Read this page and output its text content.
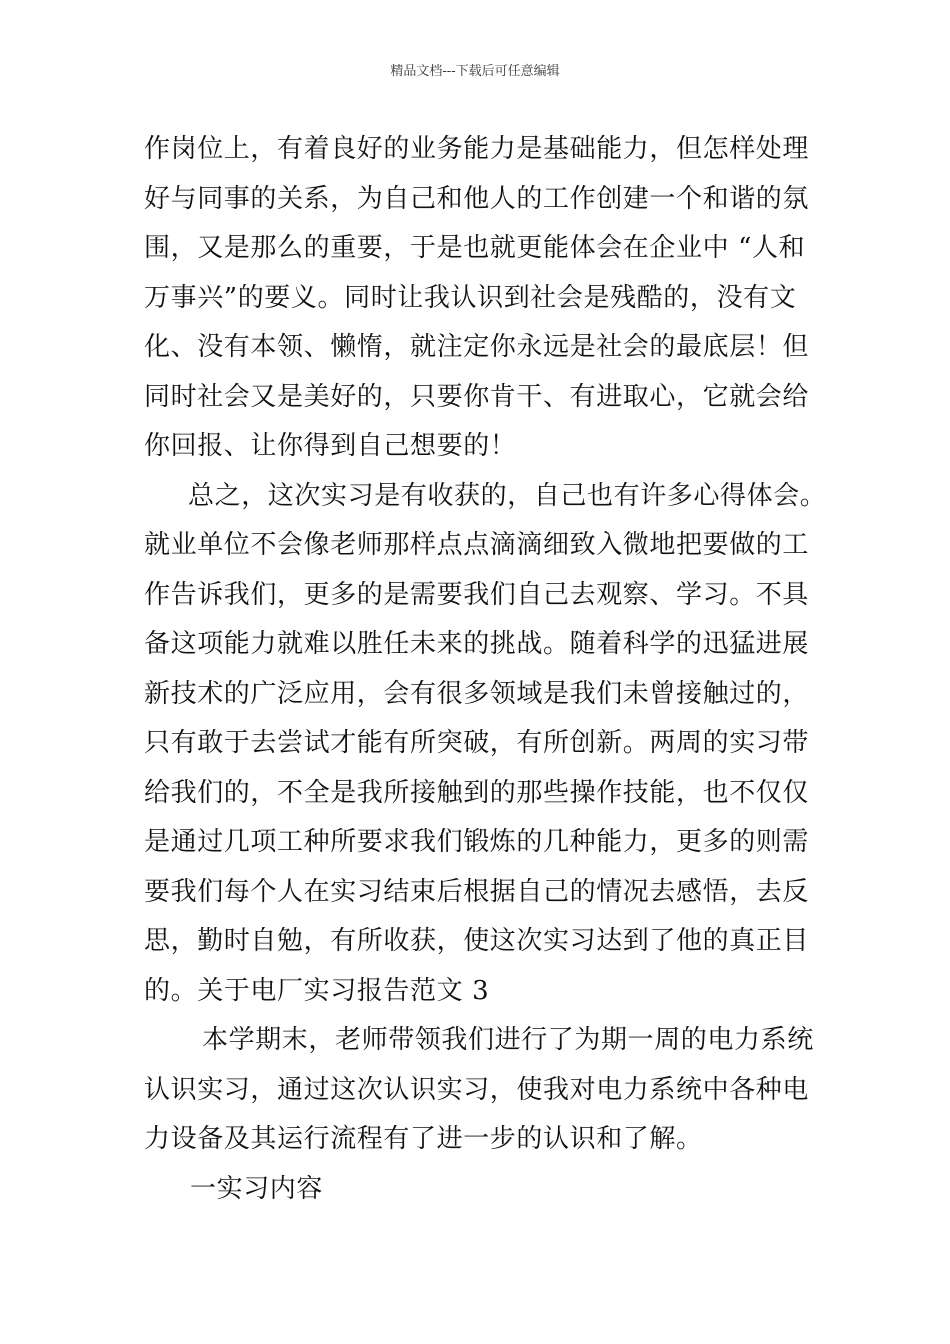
精品文档---下载后可任意编辑
作岗位上，有着良好的业务能力是基础能力，但怎样处理
好与同事的关系，为自己和他人的工作创建一个和谐的氛
围，又是那么的重要，于是也就更能体会在企业中 “人和
万事兴”的要义。同时让我认识到社会是残酷的，没有文
化、没有本领、懒惰，就注定你永远是社会的最底层！但
同时社会又是美好的，只要你肯干、有进取心，它就会给
你回报、让你得到自己想要的！
总之，这次实习是有收获的，自己也有许多心得体会。
就业单位不会像老师那样点点滴滴细致入微地把要做的工
作告诉我们，更多的是需要我们自己去观察、学习。不具
备这项能力就难以胜任未来的挑战。随着科学的迅猛进展
新技术的广泛应用，会有很多领域是我们未曾接触过的，
只有敢于去尝试才能有所突破，有所创新。两周的实习带
给我们的，不全是我所接触到的那些操作技能，也不仅仅
是通过几项工种所要求我们锻炼的几种能力，更多的则需
要我们每个人在实习结束后根据自己的情况去感悟，去反
思，勤时自勉，有所收获，使这次实习达到了他的真正目
的。关于电厂实习报告范文 3
本学期末，老师带领我们进行了为期一周的电力系统
认识实习，通过这次认识实习，使我对电力系统中各种电
力设备及其运行流程有了进一步的认识和了解。
一实习内容
